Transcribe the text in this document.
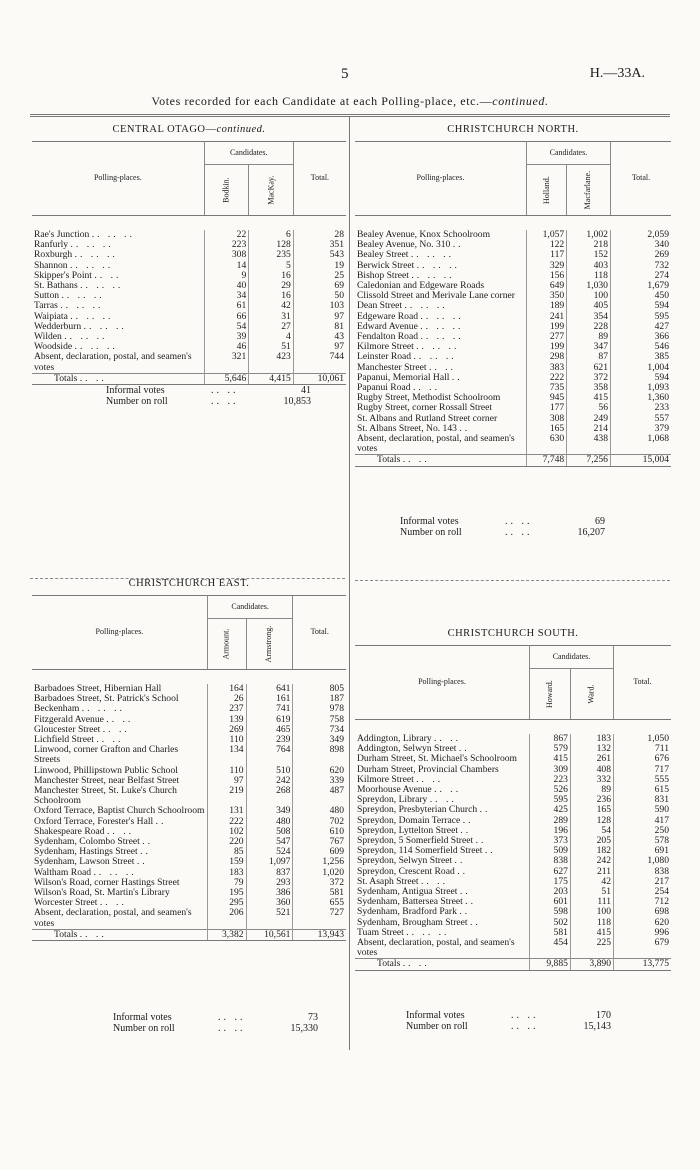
5	H.—33A.
Votes recorded for each Candidate at each Polling-place, etc.—continued.
CENTRAL OTAGO—continued.
Polling-places.	Candidates.		Total.
	Bodkin.	MacKay.	

Rae's Junction .. .. ..	22	6	28
Ranfurly .. .. ..	223	128	351
Roxburgh .. .. ..	308	235	543
Shannon .. .. ..	14	5	19
Skipper's Point .. ..	9	16	25
St. Bathans .. .. ..	40	29	69
Sutton .. .. ..	34	16	50
Tarras .. .. ..	61	42	103
Waipiata .. .. ..	66	31	97
Wedderburn .. .. ..	54	27	81
Wilden .. .. ..	39	4	43
Woodside .. .. ..	46	51	97
Absent, declaration, postal, and seamen's votes	321	423	744
Totals .. ..	5,646	4,415	10,061
Informal votes	.. ..	41
Number on roll	.. ..	10,853
CHRISTCHURCH NORTH.
Polling-places.	Candidates.		Total.
	Holland.	Macfarlane.	

Bealey Avenue, Knox Schoolroom	1,057	1,002	2,059
Bealey Avenue, No. 310 ..	122	218	340
Bealey Street .. .. ..	117	152	269
Berwick Street .. .. ..	329	403	732
Bishop Street .. .. ..	156	118	274
Caledonian and Edgeware Roads	649	1,030	1,679
Clissold Street and Merivale Lane corner	350	100	450
Dean Street .. .. ..	189	405	594
Edgeware Road .. .. ..	241	354	595
Edward Avenue .. .. ..	199	228	427
Fendalton Road .. .. ..	277	89	366
Kilmore Street .. .. ..	199	347	546
Leinster Road .. .. ..	298	87	385
Manchester Street .. ..	383	621	1,004
Papanui, Memorial Hall ..	222	372	594
Papanui Road .. ..	735	358	1,093
Rugby Street, Methodist Schoolroom	945	415	1,360
Rugby Street, corner Rossall Street	177	56	233
St. Albans and Rutland Street corner	308	249	557
St. Albans Street, No. 143 ..	165	214	379
Absent, declaration, postal, and seamen's votes	630	438	1,068
Totals .. ..	7,748	7,256	15,004
Informal votes	.. ..	69
Number on roll	.. ..	16,207
CHRISTCHURCH EAST.
Polling-places.	Candidates.		Total.
	Armount.	Armstrong.	

Barbadoes Street, Hibernian Hall	164	641	805
Barbadoes Street, St. Patrick's School	26	161	187
Beckenham .. .. ..	237	741	978
Fitzgerald Avenue .. ..	139	619	758
Gloucester Street .. ..	269	465	734
Lichfield Street .. ..	110	239	349
Linwood, corner Grafton and Charles Streets	134	764	898
Linwood, Phillipstown Public School	110	510	620
Manchester Street, near Belfast Street	97	242	339
Manchester Street, St. Luke's Church Schoolroom	219	268	487
Oxford Terrace, Baptist Church Schoolroom	131	349	480
Oxford Terrace, Forester's Hall ..	222	480	702
Shakespeare Road .. ..	102	508	610
Sydenham, Colombo Street ..	220	547	767
Sydenham, Hastings Street ..	85	524	609
Sydenham, Lawson Street ..	159	1,097	1,256
Waltham Road .. .. ..	183	837	1,020
Wilson's Road, corner Hastings Street	79	293	372
Wilson's Road, St. Martin's Library	195	386	581
Worcester Street .. ..	295	360	655
Absent, declaration, postal, and seamen's votes	206	521	727
Totals .. ..	3,382	10,561	13,943
Informal votes	.. ..	73
Number on roll	.. ..	15,330
CHRISTCHURCH SOUTH.
Polling-places.	Candidates.		Total.
	Howard.	Ward.	

Addington, Library .. ..	867	183	1,050
Addington, Selwyn Street ..	579	132	711
Durham Street, St. Michael's Schoolroom	415	261	676
Durham Street, Provincial Chambers	309	408	717
Kilmore Street .. ..	223	332	555
Moorhouse Avenue .. ..	526	89	615
Spreydon, Library .. ..	595	236	831
Spreydon, Presbyterian Church ..	425	165	590
Spreydon, Domain Terrace ..	289	128	417
Spreydon, Lyttelton Street ..	196	54	250
Spreydon, 5 Somerfield Street ..	373	205	578
Spreydon, 114 Somerfield Street ..	509	182	691
Spreydon, Selwyn Street ..	838	242	1,080
Spreydon, Crescent Road ..	627	211	838
St. Asaph Street .. ..	175	42	217
Sydenham, Antigua Street ..	203	51	254
Sydenham, Battersea Street ..	601	111	712
Sydenham, Bradford Park ..	598	100	698
Sydenham, Brougham Street ..	502	118	620
Tuam Street .. .. ..	581	415	996
Absent, declaration, postal, and seamen's votes	454	225	679
Totals .. ..	9,885	3,890	13,775
Informal votes	.. ..	170
Number on roll	.. ..	15,143
